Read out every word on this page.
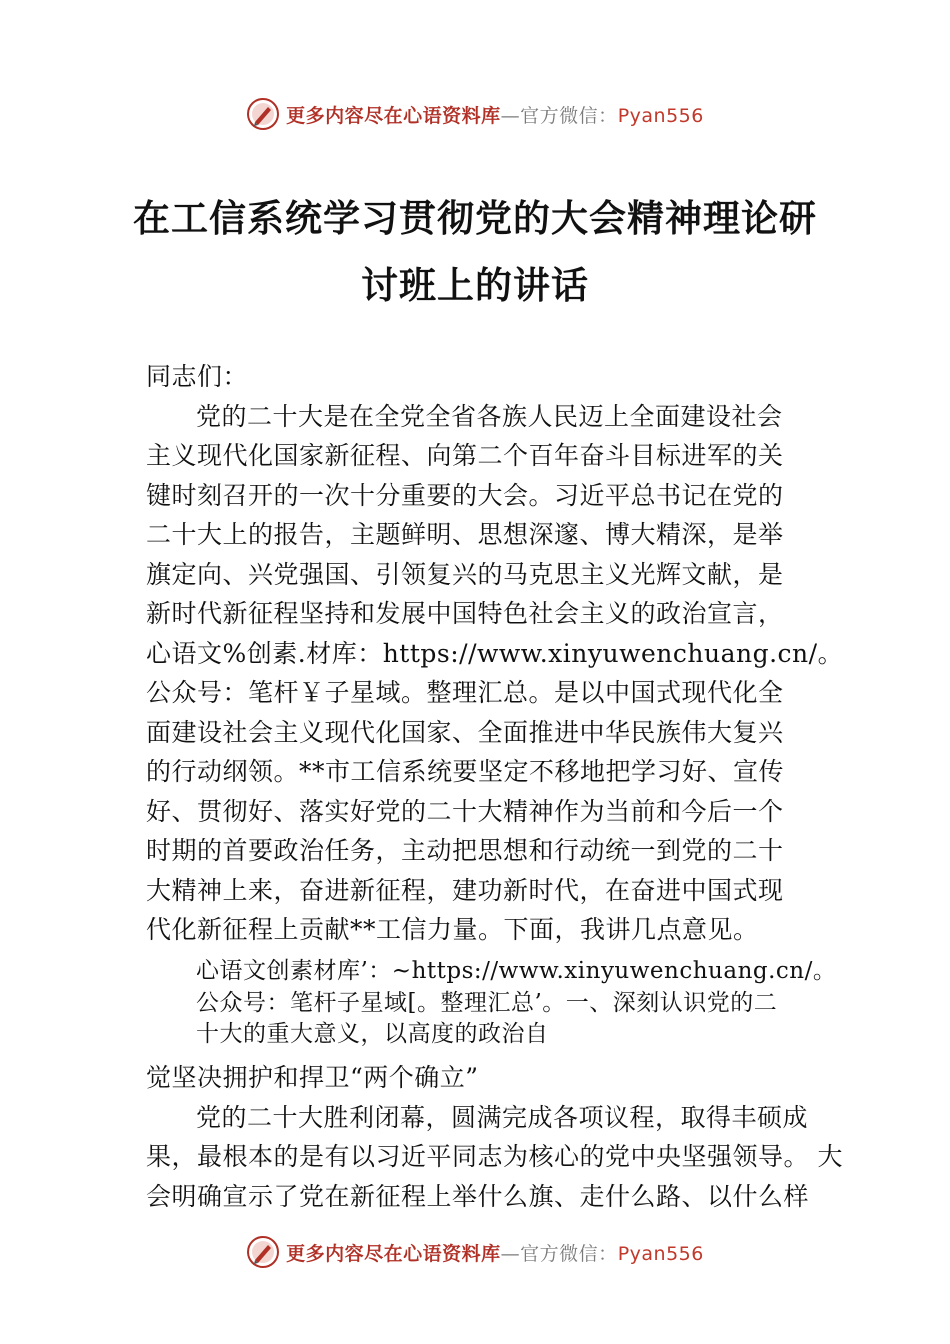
更多内容尽在心语资料库—官方微信：Pyan556
在工信系统学习贯彻党的大会精神理论研
讨班上的讲话
同志们：
党的二十大是在全党全省各族人民迈上全面建设社会
主义现代化国家新征程、向第二个百年奋斗目标进军的关
键时刻召开的一次十分重要的大会。习近平总书记在党的
二十大上的报告，主题鲜明、思想深邃、博大精深，是举
旗定向、兴党强国、引领复兴的马克思主义光辉文献，是
新时代新征程坚持和发展中国特色社会主义的政治宣言，
心语文%创素.材库：https://www.xinyuwenchuang.cn/。
公众号：笔杆￥子星域。整理汇总。是以中国式现代化全
面建设社会主义现代化国家、全面推进中华民族伟大复兴
的行动纲领。**市工信系统要坚定不移地把学习好、宣传
好、贯彻好、落实好党的二十大精神作为当前和今后一个
时期的首要政治任务，主动把思想和行动统一到党的二十
大精神上来，奋进新征程，建功新时代，在奋进中国式现
代化新征程上贡献**工信力量。下面，我讲几点意见。
心语文创素材库’：~https://www.xinyuwenchuang.cn/。
公众号：笔杆子星域[。整理汇总’。一、深刻认识党的二
十大的重大意义，以高度的政治自
觉坚决拥护和捍卫“两个确立”
党的二十大胜利闭幕，圆满完成各项议程，取得丰硕成
果，最根本的是有以习近平同志为核心的党中央坚强领导。 大
会明确宣示了党在新征程上举什么旗、走什么路、以什么样
更多内容尽在心语资料库—官方微信：Pyan556
